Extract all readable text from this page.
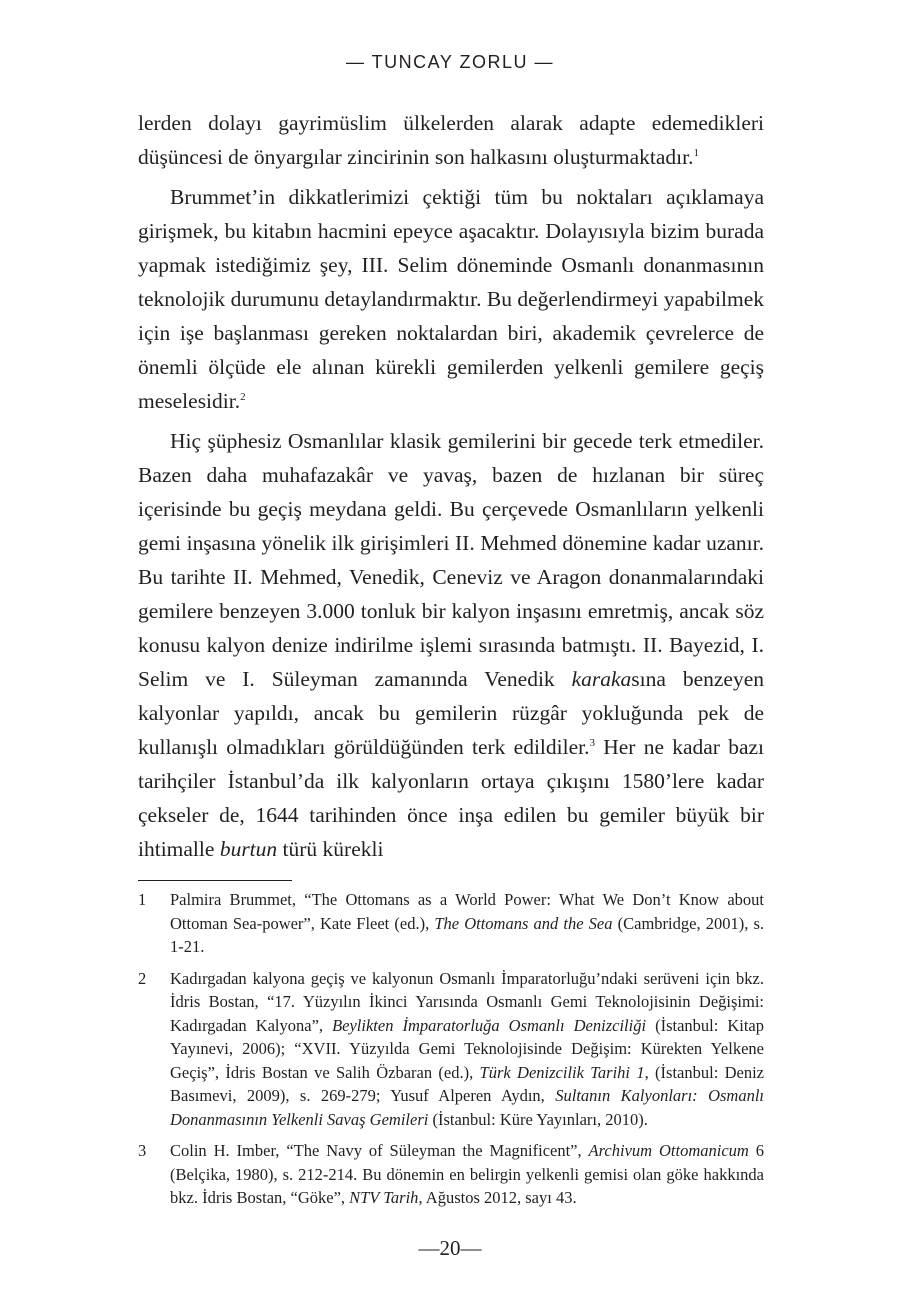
— TUNCAY ZORLU —

lerden dolayı gayrimüslim ülkelerden alarak adapte edemedikleri düşüncesi de önyargılar zincirinin son halkasını oluşturmaktadır.$^1$

Brummet’in dikkatlerimizi çektiği tüm bu noktaları açıklamaya girişmek, bu kitabın hacmini epeyce aşacaktır. Dolayısıyla bizim burada yapmak istediğimiz şey, III. Selim döneminde Osmanlı donanmasının teknolojik durumunu detaylandırmaktır. Bu değerlendirmeyi yapabilmek için işe başlanması gereken noktalardan biri, akademik çevrelerce de önemli ölçüde ele alınan kürekli gemilerden yelkenli gemilere geçiş meselesidir.$^2$

Hiç şüphesiz Osmanlılar klasik gemilerini bir gecede terk etmediler. Bazen daha muhafazakâr ve yavaş, bazen de hızlanan bir süreç içerisinde bu geçiş meydana geldi. Bu çerçevede Osmanlıların yelkenli gemi inşasına yönelik ilk girişimleri II. Mehmed dönemine kadar uzanır. Bu tarihte II. Mehmed, Venedik, Ceneviz ve Aragon donanmalarındaki gemilere benzeyen 3.000 tonluk bir kalyon inşasını emretmiş, ancak söz konusu kalyon denize indirilme işlemi sırasında batmıştı. II. Bayezid, I. Selim ve I. Süleyman zamanında Venedik karakasına benzeyen kalyonlar yapıldı, ancak bu gemilerin rüzgâr yokluğunda pek de kullanışlı olmadıkları görüldüğünden terk edildiler.$^3$ Her ne kadar bazı tarihçiler İstanbul’da ilk kalyonların ortaya çıkışını 1580’lere kadar çekseler de, 1644 tarihinden önce inşa edilen bu gemiler büyük bir ihtimalle burtun türü kürekli

1	Palmira Brummet, “The Ottomans as a World Power: What We Don’t Know about Ottoman Sea-power”, Kate Fleet (ed.), The Ottomans and the Sea (Cambridge, 2001), s. 1-21.
2	Kadırgadan kalyona geçiş ve kalyonun Osmanlı İmparatorluğu’ndaki serüveni için bkz. İdris Bostan, “17. Yüzyılın İkinci Yarısında Osmanlı Gemi Teknolojisinin Değişimi: Kadırgadan Kalyona”, Beylikten İmparatorluğa Osmanlı Denizciliği (İstanbul: Kitap Yayınevi, 2006); “XVII. Yüzyılda Gemi Teknolojisinde Değişim: Kürekten Yelkene Geçiş”, İdris Bostan ve Salih Özbaran (ed.), Türk Denizcilik Tarihi 1, (İstanbul: Deniz Basımevi, 2009), s. 269-279; Yusuf Alperen Aydın, Sultanın Kalyonları: Osmanlı Donanmasının Yelkenli Savaş Gemileri (İstanbul: Küre Yayınları, 2010).
3	Colin H. Imber, “The Navy of Süleyman the Magnificent”, Archivum Ottomanicum 6 (Belçika, 1980), s. 212-214. Bu dönemin en belirgin yelkenli gemisi olan göke hakkında bkz. İdris Bostan, “Göke”, NTV Tarih, Ağustos 2012, sayı 43.
—20—
